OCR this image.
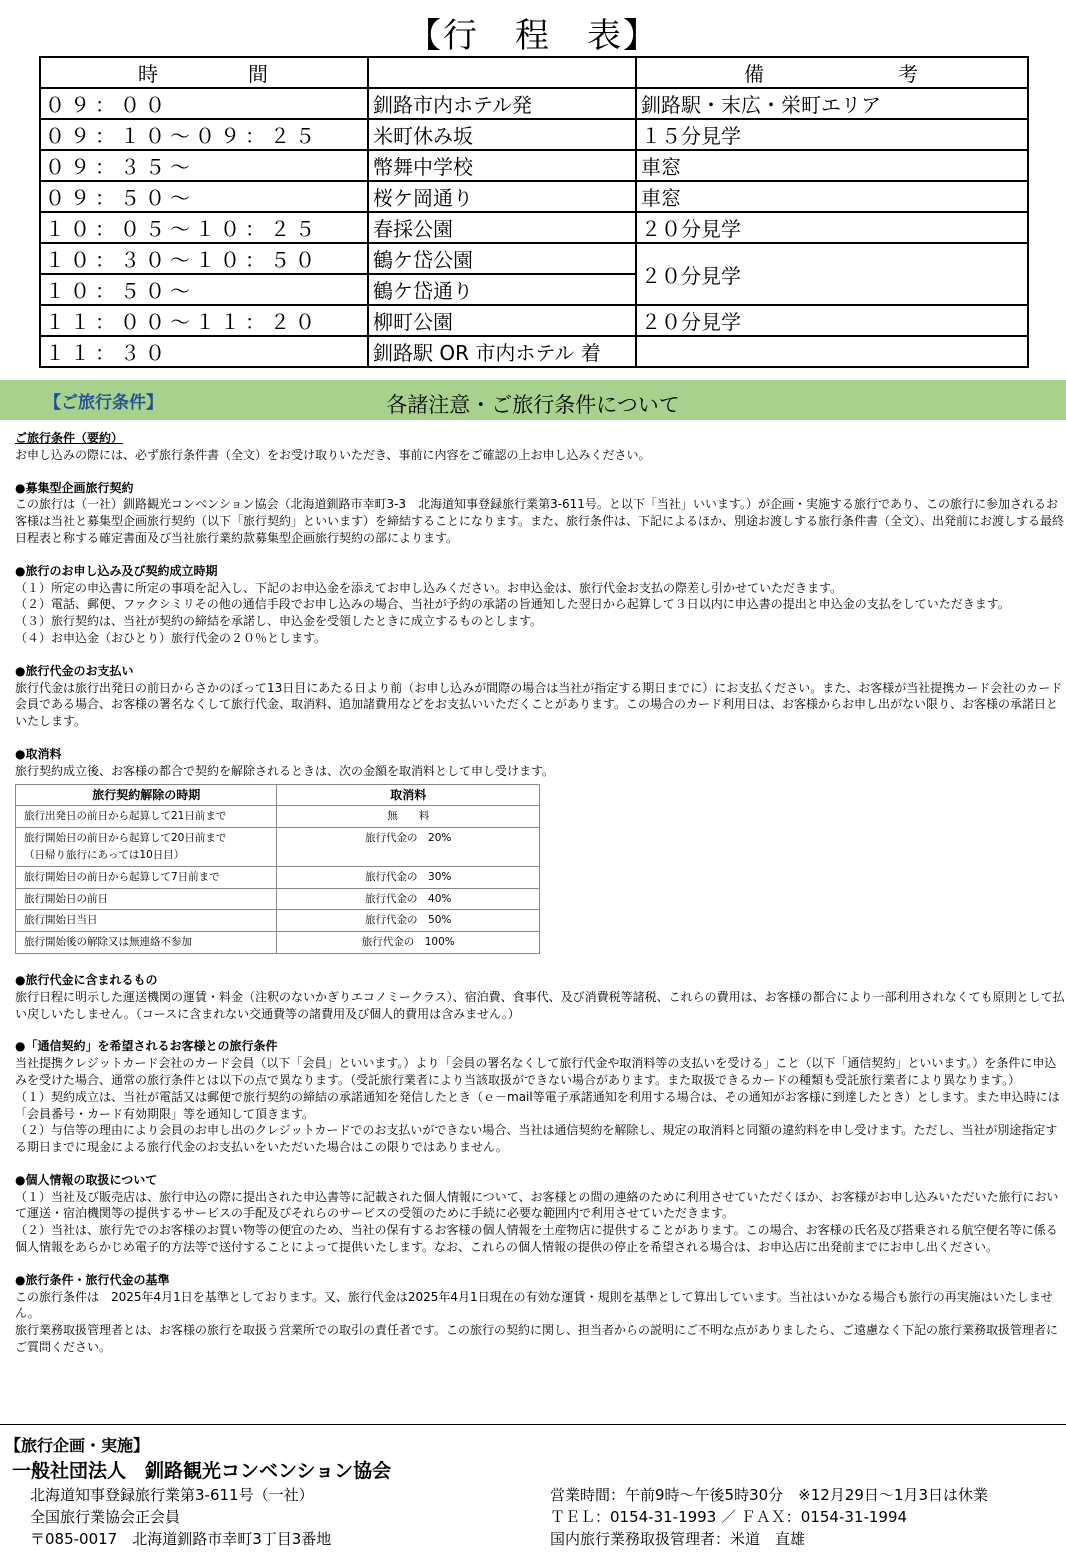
【行　程　表】
時　　　　間		備　　　　　　考
０９：００	釧路市内ホテル発	釧路駅・末広・栄町エリア
０９：１０～０９：２５	米町休み坂	１５分見学
０９：３５～	幣舞中学校	車窓
０９：５０～	桜ケ岡通り	車窓
１０：０５～１０：２５	春採公園	２０分見学
１０：３０～１０：５０	鶴ケ岱公園	２０分見学
１０：５０～	鶴ケ岱通り	
１１：００～１１：２０	柳町公園	２０分見学
１１：３０	釧路駅 OR 市内ホテル 着	
【ご旅行条件】	各諸注意・ご旅行条件について

ご旅行条件（要約）

お申し込みの際には、必ず旅行条件書（全文）をお受け取りいただき、事前に内容をご確認の上お申し込みください。

●募集型企画旅行契約

この旅行は（一社）釧路観光コンベンション協会（北海道釧路市幸町3-3　北海道知事登録旅行業第3-611号。と以下「当社」いいます。）が企画・実施する旅行であり、この旅行に参加されるお客様は当社と募集型企画旅行契約（以下「旅行契約」といいます）を締結することになります。また、旅行条件は、下記によるほか、別途お渡しする旅行条件書（全文）、出発前にお渡しする最終日程表と称する確定書面及び当社旅行業約款募集型企画旅行契約の部によります。

●旅行のお申し込み及び契約成立時期

（１）所定の申込書に所定の事項を記入し、下記のお申込金を添えてお申し込みください。お申込金は、旅行代金お支払の際差し引かせていただきます。

（２）電話、郵便、ファクシミリその他の通信手段でお申し込みの場合、当社が予約の承諾の旨通知した翌日から起算して３日以内に申込書の提出と申込金の支払をしていただきます。

（３）旅行契約は、当社が契約の締結を承諾し、申込金を受領したときに成立するものとします。

（４）お申込金（おひとり）旅行代金の２０％とします。

●旅行代金のお支払い

旅行代金は旅行出発日の前日からさかのぼって13日目にあたる日より前（お申し込みが間際の場合は当社が指定する期日までに）にお支払ください。また、お客様が当社提携カード会社のカード会員である場合、お客様の署名なくして旅行代金、取消料、追加諸費用などをお支払いいただくことがあります。この場合のカード利用日は、お客様からお申し出がない限り、お客様の承諾日といたします。

●取消料

旅行契約成立後、お客様の都合で契約を解除されるときは、次の金額を取消料として申し受けます。

旅行契約解除の時期	取消料
旅行出発日の前日から起算して21日前まで	無　　料

旅行開始日の前日から起算して20日前まで
（日帰り旅行にあっては10日目）	旅行代金の　20%
旅行開始日の前日から起算して7日前まで	旅行代金の　30%
旅行開始日の前日	旅行代金の　40%
旅行開始日当日	旅行代金の　50%
旅行開始後の解除又は無連絡不参加	旅行代金の　100%

●旅行代金に含まれるもの

旅行日程に明示した運送機関の運賃・料金（注釈のないかぎりエコノミークラス）、宿泊費、食事代、及び消費税等諸税、これらの費用は、お客様の都合により一部利用されなくても原則として払い戻しいたしません。（コースに含まれない交通費等の諸費用及び個人的費用は含みません。）

●「通信契約」を希望されるお客様との旅行条件

当社提携クレジットカード会社のカード会員（以下「会員」といいます。）より「会員の署名なくして旅行代金や取消料等の支払いを受ける」こと（以下「通信契約」といいます。）を条件に申込みを受けた場合、通常の旅行条件とは以下の点で異なります。（受託旅行業者により当該取扱ができない場合があります。また取扱できるカードの種類も受託旅行業者により異なります。）

（１）契約成立は、当社が電話又は郵便で旅行契約の締結の承諾通知を発信したとき（ｅ－mail等電子承諾通知を利用する場合は、その通知がお客様に到達したとき）とします。また申込時には「会員番号・カード有効期限」等を通知して頂きます。

（２）与信等の理由により会員のお申し出のクレジットカードでのお支払いができない場合、当社は通信契約を解除し、規定の取消料と同額の違約料を申し受けます。ただし、当社が別途指定する期日までに現金による旅行代金のお支払いをいただいた場合はこの限りではありません。

●個人情報の取扱について

（１）当社及び販売店は、旅行申込の際に提出された申込書等に記載された個人情報について、お客様との間の連絡のために利用させていただくほか、お客様がお申し込みいただいた旅行において運送・宿泊機関等の提供するサービスの手配及びそれらのサービスの受領のために手続に必要な範囲内で利用させていただきます。

（２）当社は、旅行先でのお客様のお買い物等の便宜のため、当社の保有するお客様の個人情報を土産物店に提供することがあります。この場合、お客様の氏名及び搭乗される航空便名等に係る個人情報をあらかじめ電子的方法等で送付することによって提供いたします。なお、これらの個人情報の提供の停止を希望される場合は、お申込店に出発前までにお申し出ください。

●旅行条件・旅行代金の基準

この旅行条件は　2025年4月1日を基準としております。又、旅行代金は2025年4月1日現在の有効な運賃・規則を基準として算出しています。当社はいかなる場合も旅行の再実施はいたしません。

旅行業務取扱管理者とは、お客様の旅行を取扱う営業所での取引の責任者です。この旅行の契約に関し、担当者からの説明にご不明な点がありましたら、ご遠慮なく下記の旅行業務取扱管理者にご質問ください。

【旅行企画・実施】
一般社団法人　釧路観光コンベンション協会
北海道知事登録旅行業第3-611号（一社）
全国旅行業協会正会員
〒085-0017　北海道釧路市幸町3丁目3番地
営業時間：午前9時～午後5時30分　※12月29日～1月3日は休業
ＴＥＬ：0154-31-1993 ／ ＦＡＸ：0154-31-1994
国内旅行業務取扱管理者：米道　直雄
